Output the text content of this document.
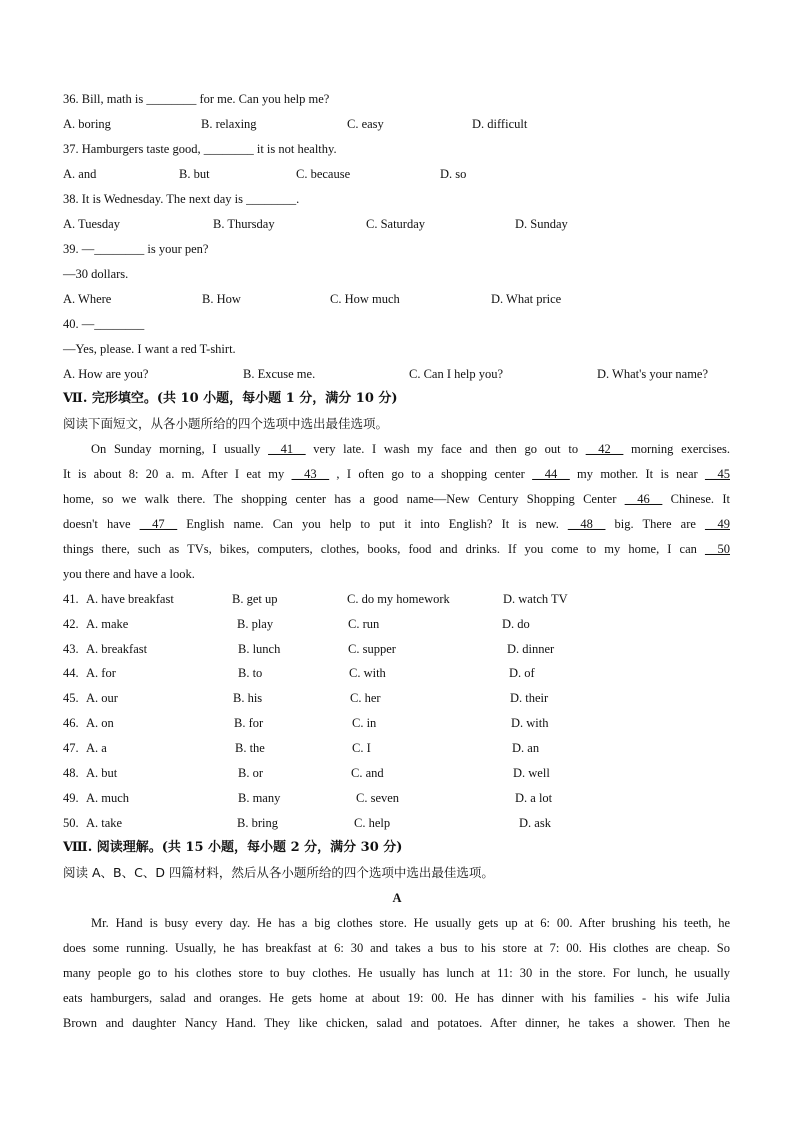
36. Bill, math is ________ for me. Can you help me?
A. boring	B. relaxing	C. easy	D. difficult
37. Hamburgers taste good, ________ it is not healthy.
A. and	B. but	C. because	D. so
38. It is Wednesday. The next day is ________.
A. Tuesday	B. Thursday	C. Saturday	D. Sunday
39. —________ is your pen?
—30 dollars.
A. Where	B. How	C. How much	D. What price
40. —________
—Yes, please. I want a red T-shirt.
A. How are you?	B. Excuse me.	C. Can I help you?	D. What's your name?
Ⅶ. 完形填空。(共 10 小题，每小题 1 分，满分 10 分)
阅读下面短文，从各小题所给的四个选项中选出最佳选项。
On Sunday morning, I usually __41__ very late. I wash my face and then go out to __42__ morning exercises.
It is about 8: 20 a. m. After I eat my __43__ , I often go to a shopping center __44__ my mother. It is near __45
home, so we walk there. The shopping center has a good name—New Century Shopping Center __46__ Chinese. It
doesn't have __47__ English name. Can you help to put it into English? It is new. __48__ big. There are __49
things there, such as TVs, bikes, computers, clothes, books, food and drinks. If you come to my home, I can __50
you there and have a look.
41. A. have breakfast	B. get up	C. do my homework	D. watch TV
42. A. make	B. play	C. run	D. do
43. A. breakfast	B. lunch	C. supper	D. dinner
44. A. for	B. to	C. with	D. of
45. A. our	B. his	C. her	D. their
46. A. on	B. for	C. in	D. with
47. A. a	B. the	C. I	D. an
48. A. but	B. or	C. and	D. well
49. A. much	B. many	C. seven	D. a lot
50. A. take	B. bring	C. help	D. ask
Ⅷ. 阅读理解。(共 15 小题，每小题 2 分，满分 30 分)
阅读 A、B、C、D 四篇材料，然后从各小题所给的四个选项中选出最佳选项。
A
Mr. Hand is busy every day. He has a big clothes store. He usually gets up at 6: 00. After brushing his teeth, he
does some running. Usually, he has breakfast at 6: 30 and takes a bus to his store at 7: 00. His clothes are cheap. So
many people go to his clothes store to buy clothes. He usually has lunch at 11: 30 in the store. For lunch, he usually
eats hamburgers, salad and oranges. He gets home at about 19: 00. He has dinner with his families - his wife Julia
Brown and daughter Nancy Hand. They like chicken, salad and potatoes. After dinner, he takes a shower. Then he
